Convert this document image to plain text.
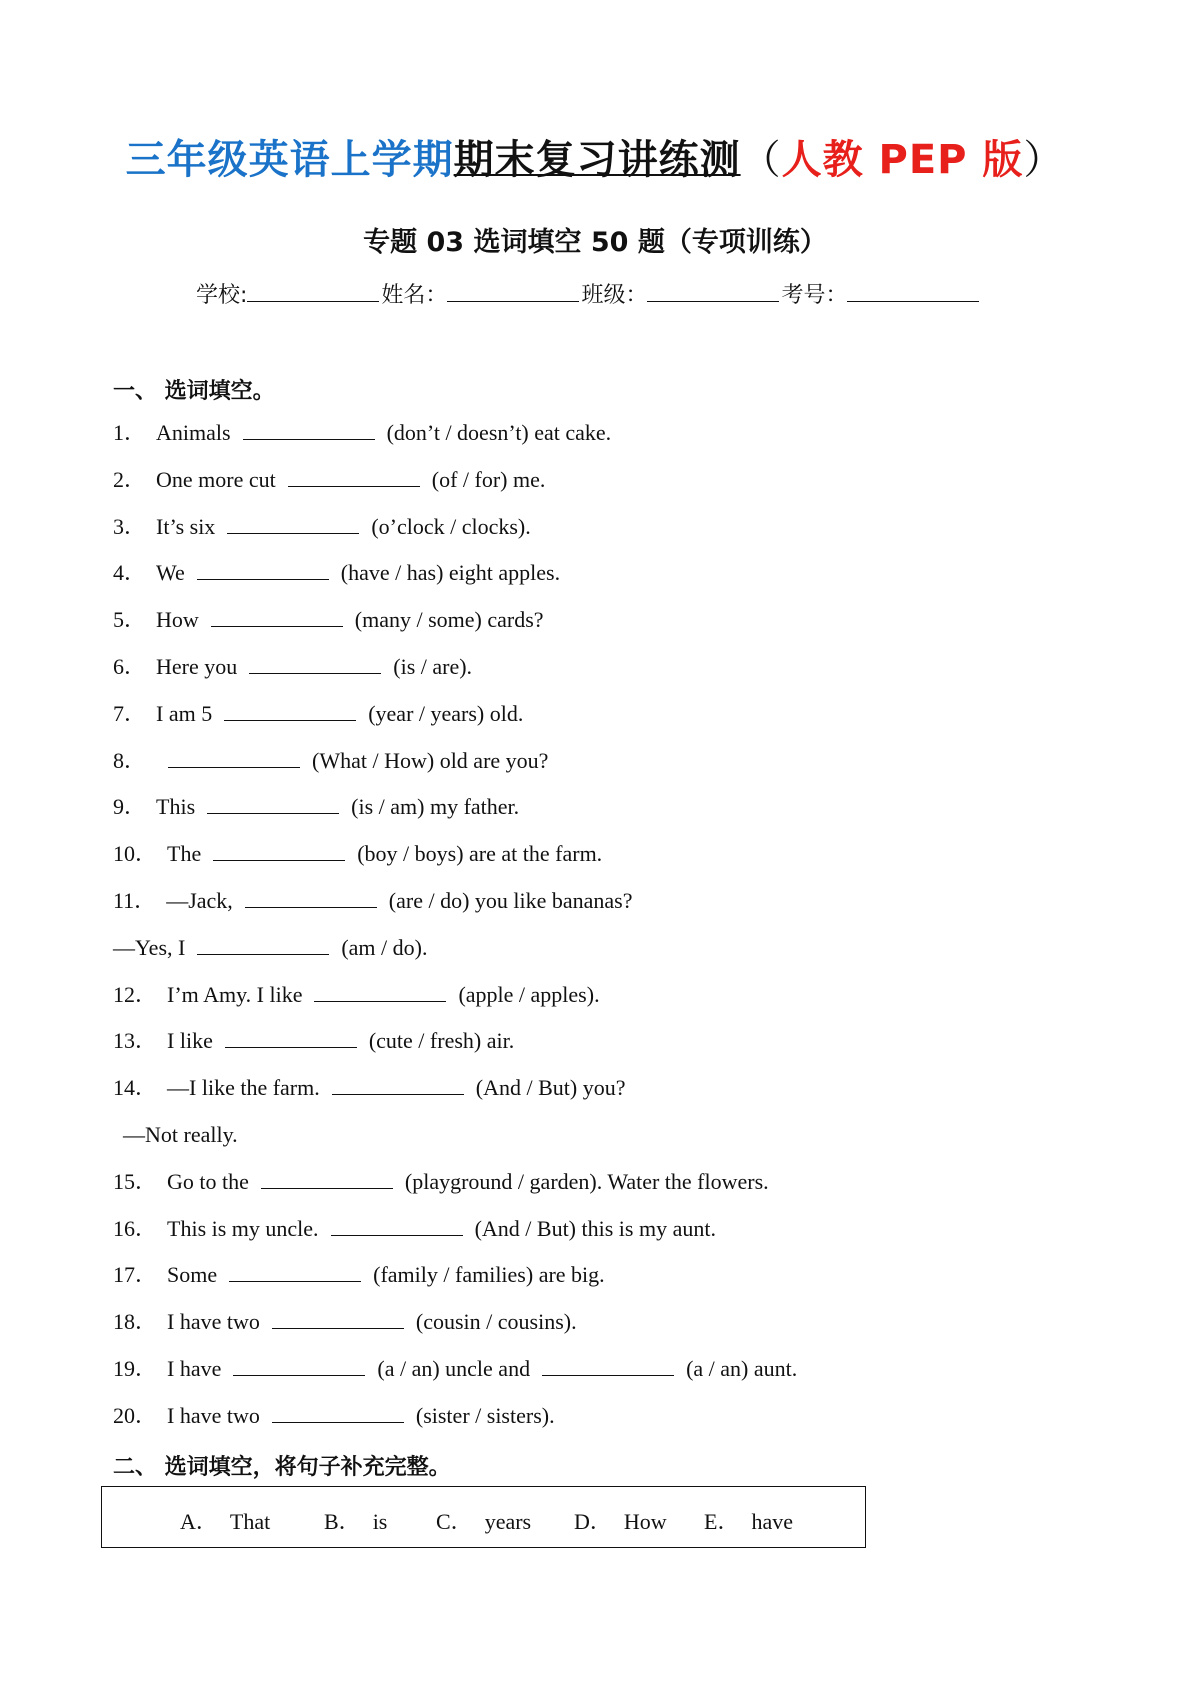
三年级英语上学期期末复习讲练测（人教 PEP 版）
专题 03 选词填空 50 题（专项训练）
学校:	姓名：	班级：	考号：
一、 选词填空。
1． Animals	(don’t / doesn’t) eat cake.
2． One more cut	(of / for) me.
3． It’s six	(o’clock / clocks).
4． We	(have / has) eight apples.
5． How	(many / some) cards?
6． Here you	(is / are).
7． I am 5	(year / years) old.
8．	(What / How) old are you?
9． This	(is / am) my father.
10． The	(boy / boys) are at the farm.
11． —Jack,	(are / do) you like bananas?
—Yes, I	(am / do).
12． I’m Amy. I like	(apple / apples).
13． I like	(cute / fresh) air.
14． —I like the farm.	(And / But) you?
—Not really.
15． Go to the	(playground / garden). Water the flowers.
16． This is my uncle.	(And / But) this is my aunt.
17． Some	(family / families) are big.
18． I have two	(cousin / cousins).
19． I have	(a / an) uncle and	(a / an) aunt.
20． I have two	(sister / sisters).
二、 选词填空，将句子补充完整。
A． That B． is C． years D． How E． have
